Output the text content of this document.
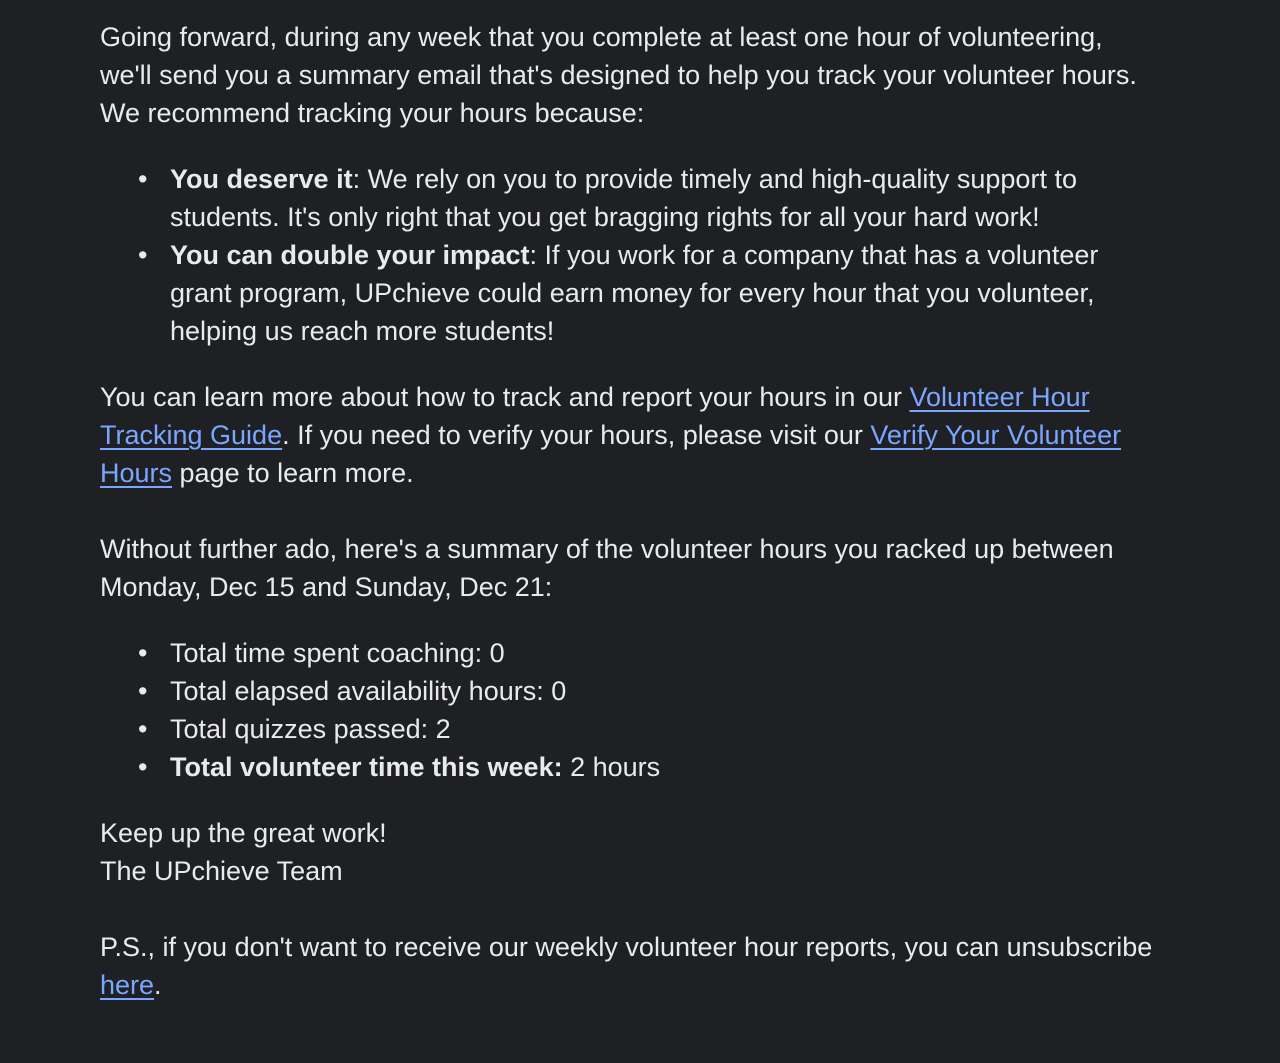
Going forward, during any week that you complete at least one hour of volunteering, we'll send you a summary email that's designed to help you track your volunteer hours. We recommend tracking your hours because:

• You deserve it: We rely on you to provide timely and high-quality support to students. It's only right that you get bragging rights for all your hard work!
• You can double your impact: If you work for a company that has a volunteer grant program, UPchieve could earn money for every hour that you volunteer, helping us reach more students!

You can learn more about how to track and report your hours in our Volunteer Hour Tracking Guide. If you need to verify your hours, please visit our Verify Your Volunteer Hours page to learn more.

Without further ado, here's a summary of the volunteer hours you racked up between Monday, Dec 15 and Sunday, Dec 21:

• Total time spent coaching: 0
• Total elapsed availability hours: 0
• Total quizzes passed: 2
• Total volunteer time this week: 2 hours

Keep up the great work!
The UPchieve Team

P.S., if you don't want to receive our weekly volunteer hour reports, you can unsubscribe here.
